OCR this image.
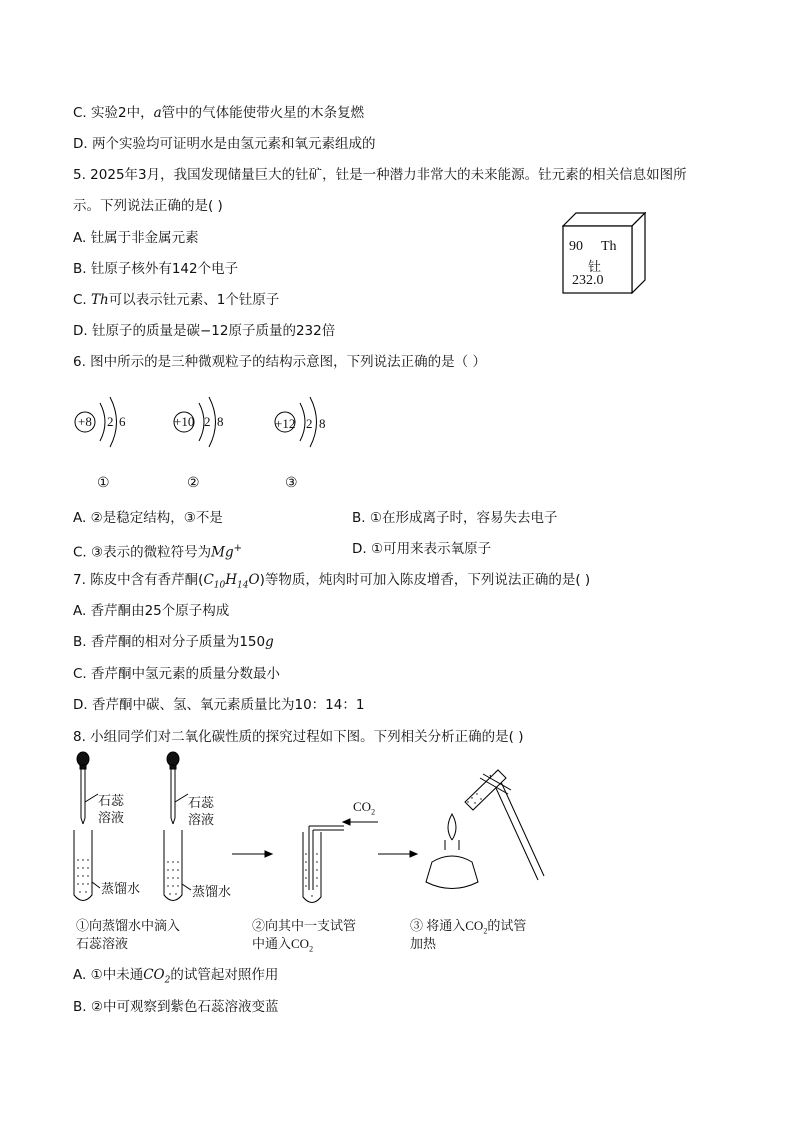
C. 实验2中，a管中的气体能使带火星的木条复燃
D. 两个实验均可证明水是由氢元素和氧元素组成的
5. 2025年3月，我国发现储量巨大的钍矿，钍是一种潜力非常大的未来能源。钍元素的相关信息如图所
示。下列说法正确的是( )
A. 钍属于非金属元素
B. 钍原子核外有142个电子
C. Th可以表示钍元素、1个钍原子
D. 钍原子的质量是碳−12原子质量的232倍
90 Th
钍
232.0
6. 图中所示的是三种微观粒子的结构示意图，下列说法正确的是（ ）
+8 2 6	+10 2 8	+12 2 8
①	②	③
A. ②是稳定结构，③不是	B. ①在形成离子时，容易失去电子
C. ③表示的微粒符号为Mg+	D. ①可用来表示氧原子
7. 陈皮中含有香芹酮$(C_{10}H_{14}O)$等物质，炖肉时可加入陈皮增香，下列说法正确的是( )
A. 香芹酮由25个原子构成
B. 香芹酮的相对分子质量为150g
C. 香芹酮中氢元素的质量分数最小
D. 香芹酮中碳、氢、氧元素质量比为10：14：1
8. 小组同学们对二氧化碳性质的探究过程如下图。下列相关分析正确的是( )
石蕊
溶液
石蕊
溶液
蒸馏水	蒸馏水
$CO_2$
①向蒸馏水中滴入
石蕊溶液
②向其中一支试管
中通入$CO_2$
③ 将通入$CO_2$的试管
加热
A. ①中未通$CO_2$的试管起对照作用
B. ②中可观察到紫色石蕊溶液变蓝
